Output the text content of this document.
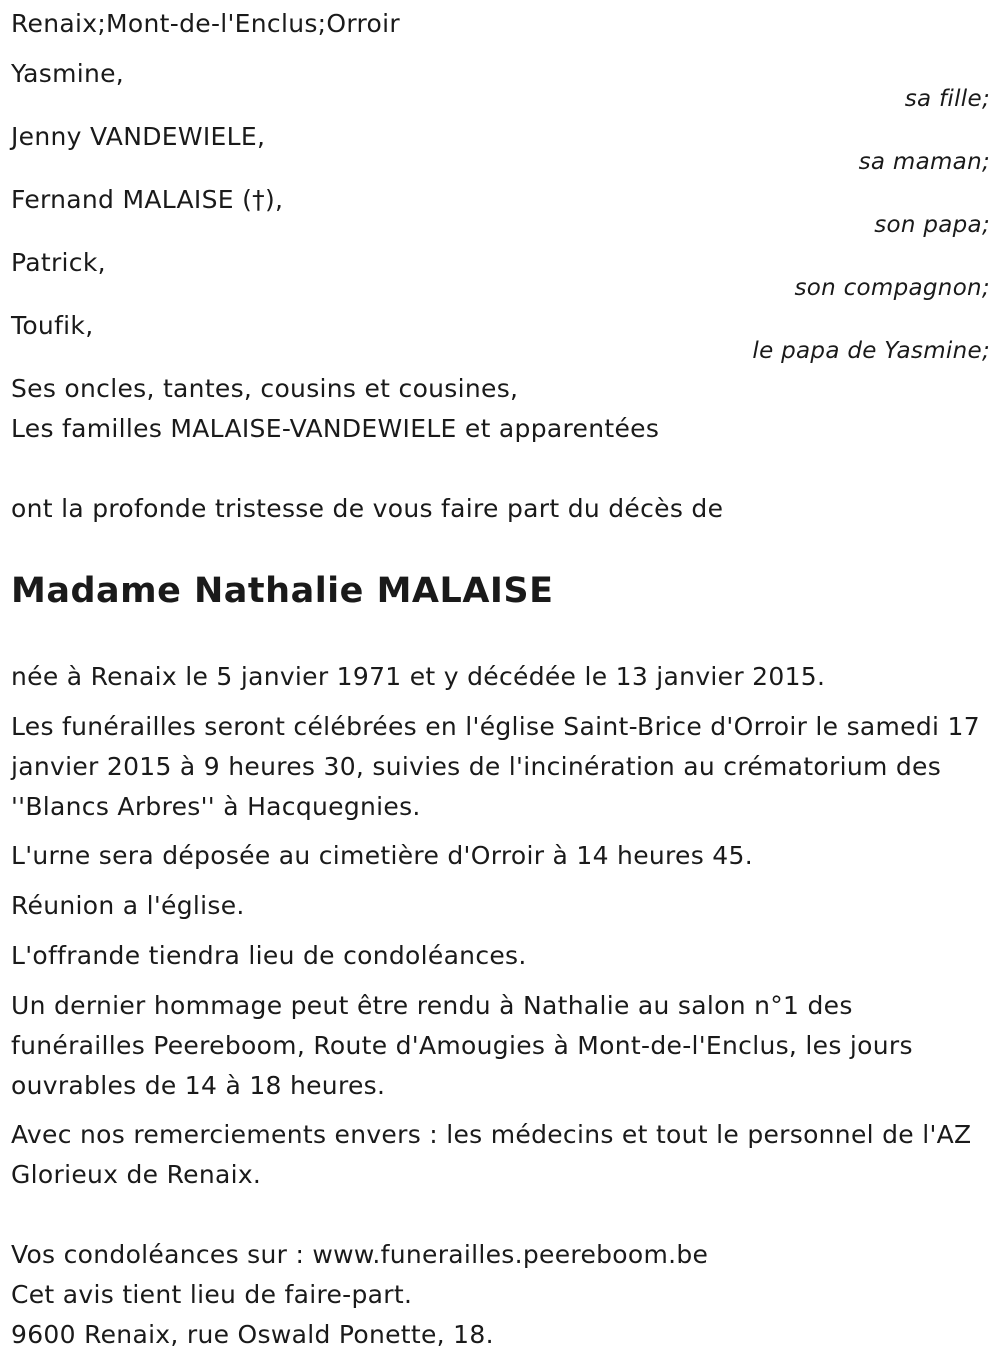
Renaix;Mont-de-l'Enclus;Orroir
Yasmine,
sa fille;
Jenny VANDEWIELE,
sa maman;
Fernand MALAISE (†),
son papa;
Patrick,
son compagnon;
Toufik,
le papa de Yasmine;
Ses oncles, tantes, cousins et cousines,
Les familles MALAISE-VANDEWIELE et apparentées
ont la profonde tristesse de vous faire part du décès de
Madame Nathalie MALAISE
née à Renaix le 5 janvier 1971 et y décédée le 13 janvier 2015.
Les funérailles seront célébrées en l'église Saint-Brice d'Orroir le samedi 17 janvier 2015 à 9 heures 30, suivies de l'incinération au crématorium des ''Blancs Arbres'' à Hacquegnies.
L'urne sera déposée au cimetière d'Orroir à 14 heures 45.
Réunion a l'église.
L'offrande tiendra lieu de condoléances.
Un dernier hommage peut être rendu à Nathalie au salon n°1 des funérailles Peereboom, Route d'Amougies à Mont-de-l'Enclus, les jours ouvrables de 14 à 18 heures.
Avec nos remerciements envers : les médecins et tout le personnel de l'AZ Glorieux de Renaix.
Vos condoléances sur : www.funerailles.peereboom.be
Cet avis tient lieu de faire-part.
9600 Renaix, rue Oswald Ponette, 18.
